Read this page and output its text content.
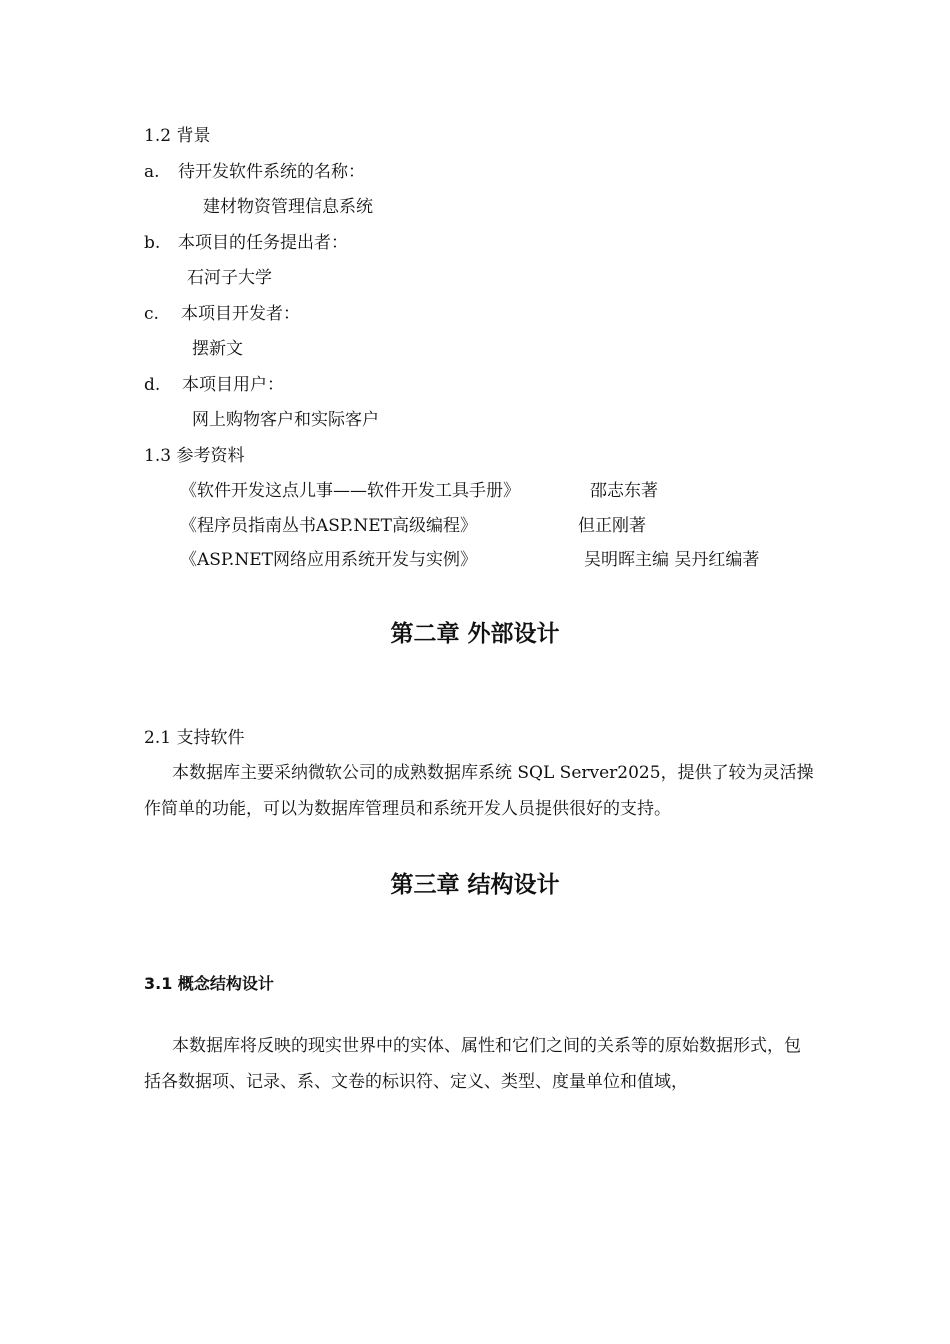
1.2 背景
a. 待开发软件系统的名称：
建材物资管理信息系统
b. 本项目的任务提出者：
石河子大学
c. 本项目开发者：
摆新文
d. 本项目用户：
网上购物客户和实际客户
1.3 参考资料
《软件开发这点儿事——软件开发工具手册》	邵志东著
《程序员指南丛书ASP.NET高级编程》	但正刚著
《ASP.NET网络应用系统开发与实例》	吴明晖主编 吴丹红编著
第二章 外部设计
2.1 支持软件
本数据库主要采纳微软公司的成熟数据库系统 SQL Server2025，提供了较为灵活操作简单的功能，可以为数据库管理员和系统开发人员提供很好的支持。
第三章 结构设计
3.1 概念结构设计
本数据库将反映的现实世界中的实体、属性和它们之间的关系等的原始数据形式，包括各数据项、记录、系、文卷的标识符、定义、类型、度量单位和值域，
